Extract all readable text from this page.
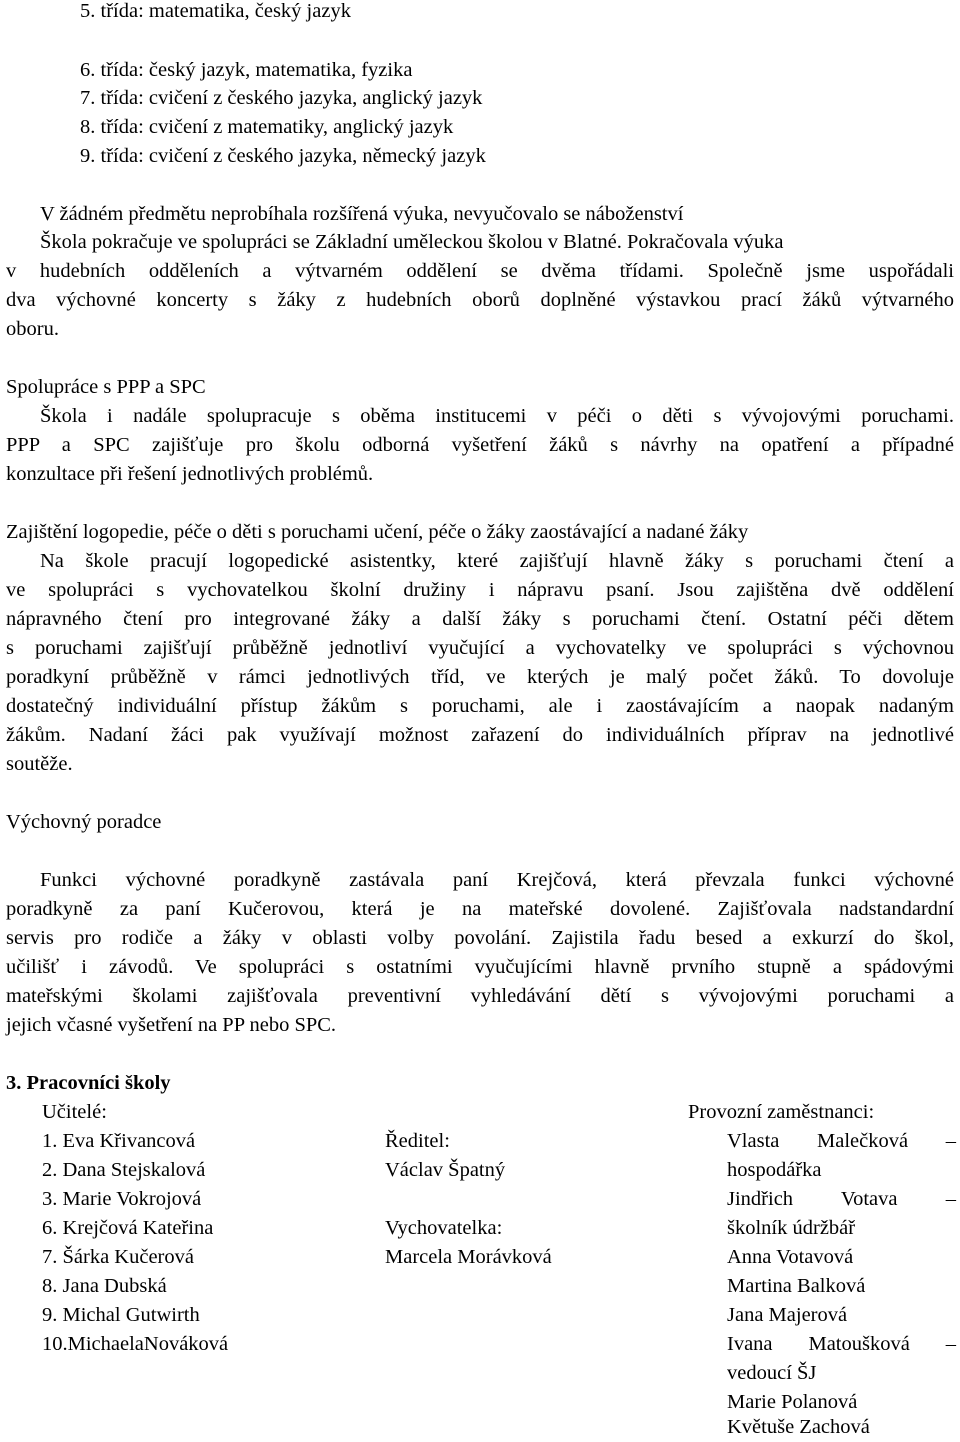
5. třída: matematika, český jazyk
6. třída: český jazyk, matematika, fyzika
7. třída: cvičení z českého jazyka, anglický jazyk
8. třída: cvičení z matematiky, anglický jazyk
9. třída: cvičení z českého jazyka, německý jazyk
V žádném předmětu neprobíhala rozšířená výuka, nevyučovalo se náboženství
Škola pokračuje ve spolupráci se Základní uměleckou školou v Blatné. Pokračovala výuka
v hudebních odděleních a výtvarném oddělení se dvěma třídami. Společně jsme uspořádali
dva výchovné koncerty s žáky z hudebních oborů doplněné výstavkou prací žáků výtvarného
oboru.
Spolupráce s PPP a SPC
Škola i nadále spolupracuje s oběma institucemi v péči o děti s vývojovými poruchami.
PPP a SPC zajišťuje pro školu odborná vyšetření žáků s návrhy na opatření a případné
konzultace při řešení jednotlivých problémů.
Zajištění logopedie, péče o děti s poruchami učení, péče o žáky zaostávající a nadané žáky
Na škole pracují logopedické asistentky, které zajišťují hlavně žáky s poruchami čtení a
ve spolupráci s vychovatelkou školní družiny i nápravu psaní. Jsou zajištěna dvě oddělení
nápravného čtení pro integrované žáky a další žáky s poruchami čtení. Ostatní péči dětem
s poruchami zajišťují průběžně jednotliví vyučující a vychovatelky ve spolupráci s výchovnou
poradkyní průběžně v rámci jednotlivých tříd, ve kterých je malý počet žáků. To dovoluje
dostatečný individuální přístup žákům s poruchami, ale i zaostávajícím a naopak nadaným
žákům. Nadaní žáci pak využívají možnost zařazení do individuálních příprav na jednotlivé
soutěže.
Výchovný poradce
Funkci výchovné poradkyně zastávala paní Krejčová, která převzala funkci výchovné
poradkyně za paní Kučerovou, která je na mateřské dovolené. Zajišťovala nadstandardní
servis pro rodiče a žáky v oblasti volby povolání. Zajistila řadu besed a exkurzí do škol,
učilišť i závodů. Ve spolupráci s ostatními vyučujícími hlavně prvního stupně a spádovými
mateřskými školami zajišťovala preventivní vyhledávání dětí s vývojovými poruchami a
jejich včasné vyšetření na PP nebo SPC.
3. Pracovníci školy
Učitelé:	Provozní zaměstnanci:
1. Eva Křivancová
2. Dana Stejskalová
3. Marie Vokrojová
6. Krejčová Kateřina
7. Šárka Kučerová
8. Jana Dubská
9. Michal Gutwirth
10.MichaelaNováková
Ředitel:
Václav Špatný
Vychovatelka:
Marcela Morávková
Vlasta Malečková –
hospodářka
Jindřich Votava –
školník údržbář
Anna Votavová
Martina Balková
Jana Majerová
Ivana Matoušková –
vedoucí ŠJ
Marie Polanová
Květuše Zachová
